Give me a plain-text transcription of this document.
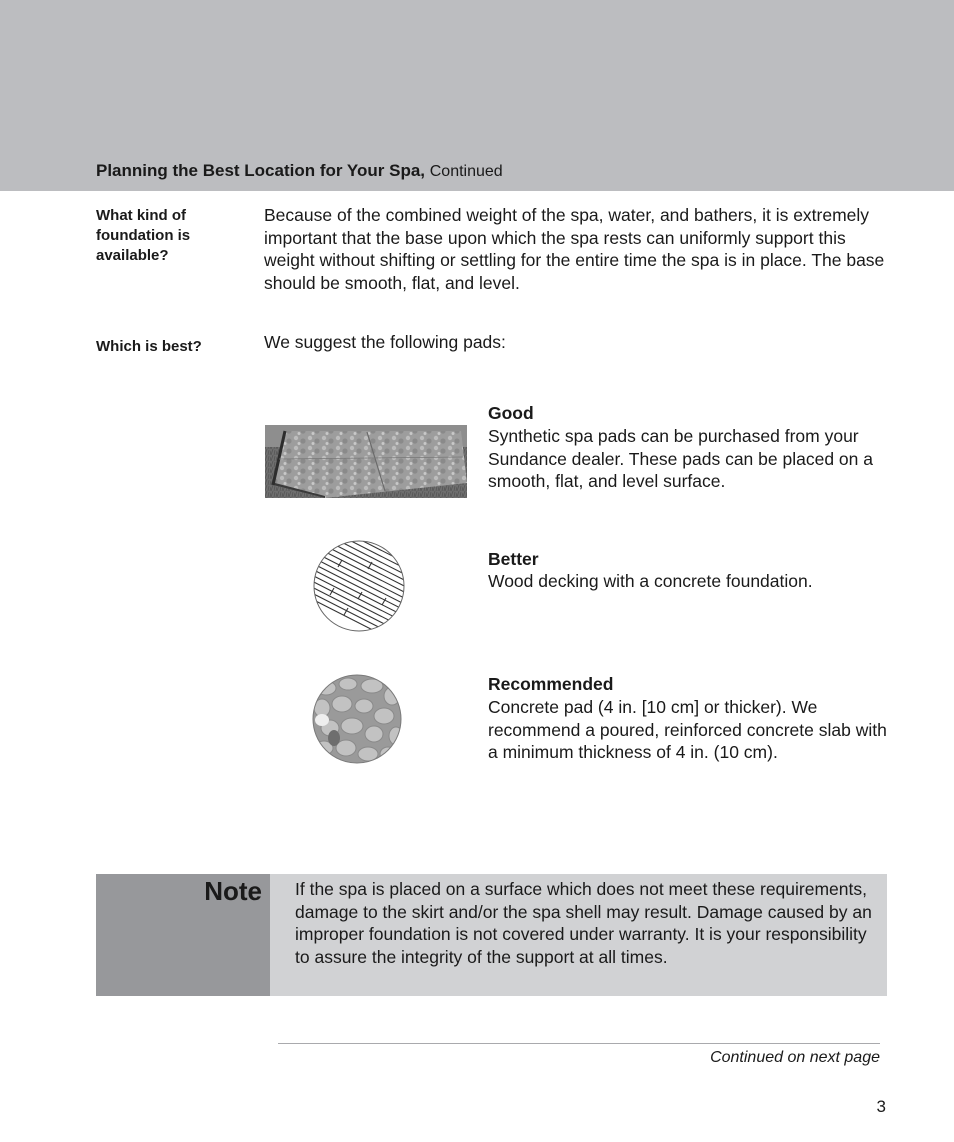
Planning the Best Location for Your Spa, Continued
What kind of foundation is available?
Because of the combined weight of the spa, water, and bathers, it is extremely important that the base upon which the spa rests can uniformly support this weight without shifting or settling for the entire time the spa is in place. The base should be smooth, flat, and level.
Which is best?	We suggest the following pads:
Good
Synthetic spa pads can be purchased from your Sundance dealer. These pads can be placed on a smooth, flat, and level surface.
Better
Wood decking with a concrete foundation.
Recommended
Concrete pad (4 in. [10 cm] or thicker). We recommend a poured, reinforced concrete slab with a minimum thickness of 4 in. (10 cm).
Note If the spa is placed on a surface which does not meet these requirements, damage to the skirt and/or the spa shell may result. Damage caused by an improper foundation is not covered under warranty. It is your responsibility to assure the integrity of the support at all times.
Continued on next page
3
